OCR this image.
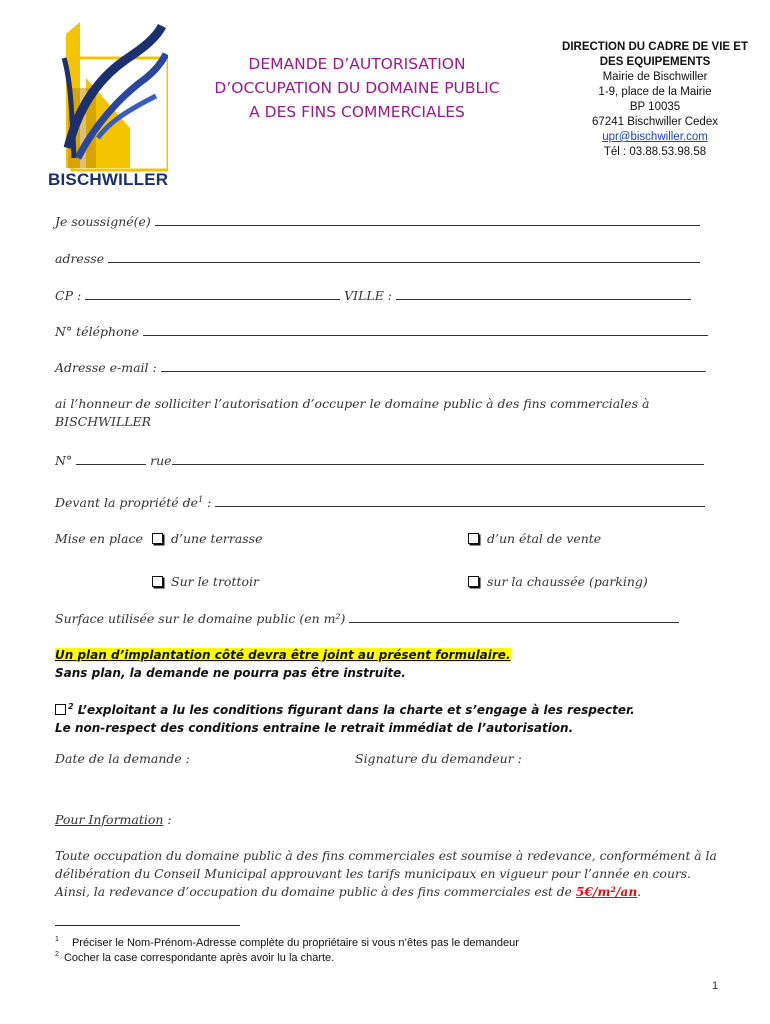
BISCHWILLER
DEMANDE D’AUTORISATION
D’OCCUPATION DU DOMAINE PUBLIC
A DES FINS COMMERCIALES
DIRECTION DU CADRE DE VIE ET
DES EQUIPEMENTS
Mairie de Bischwiller
1-9, place de la Mairie
BP 10035
67241 Bischwiller Cedex
upr@bischwiller.com
Tél : 03.88.53.98.58
Je soussigné(e)
adresse
CP :	VILLE :
N° téléphone
Adresse e-mail :
ai l’honneur de solliciter l’autorisation d’occuper le domaine public à des fins commerciales à
BISCHWILLER
N°	rue
Devant la propriété $de^1$ :
Mise en place	d’une terrasse	d’un étal de vente
Sur le trottoir	sur la chaussée (parking)
Surface utilisée sur le domaine public (en m²)
Un plan d’implantation côté devra être joint au présent formulaire.
Sans plan, la demande ne pourra pas être instruite.
$^2$ L’exploitant a lu les conditions figurant dans la charte et s’engage à les respecter.
Le non-respect des conditions entraine le retrait immédiat de l’autorisation.
Date de la demande :	Signature du demandeur :
Pour Information :
Toute occupation du domaine public à des fins commerciales est soumise à redevance, conformément à la
délibération du Conseil Municipal approuvant les tarifs municipaux en vigueur pour l’année en cours.
Ainsi, la redevance d’occupation du domaine public à des fins commerciales est de 5€/m²/an.
$^1$ Préciser le Nom-Prénom-Adresse complète du propriétaire si vous n’êtes pas le demandeur
$^2$ Cocher la case correspondante après avoir lu la charte.
1
